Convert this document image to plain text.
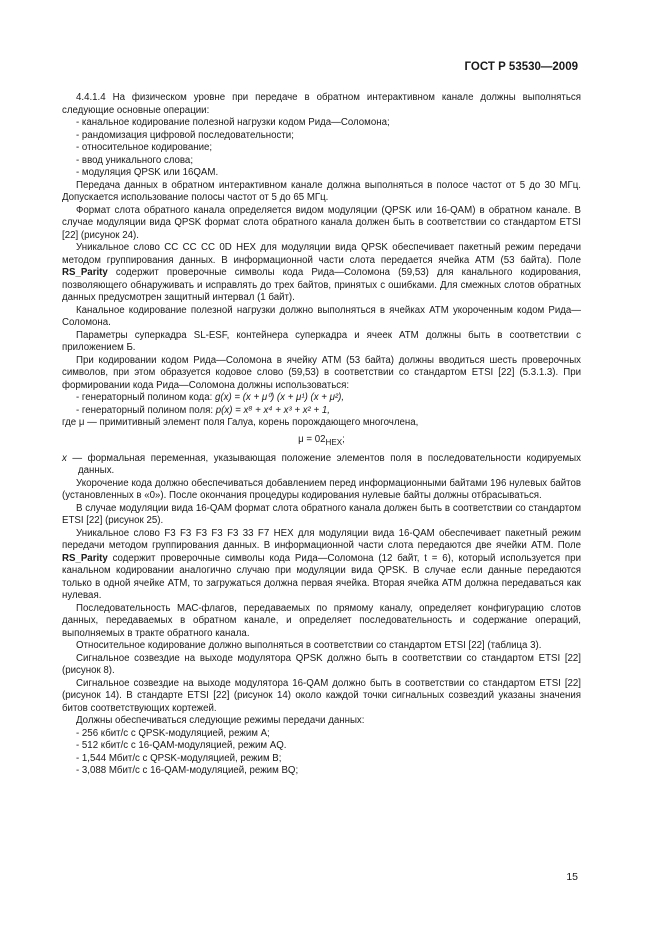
ГОСТ Р 53530—2009

4.4.1.4 На физическом уровне при передаче в обратном интерактивном канале должны выполняться следующие основные операции:

- канальное кодирование полезной нагрузки кодом Рида—Соломона;

- рандомизация цифровой последовательности;

- относительное кодирование;

- ввод уникального слова;

- модуляция QPSK или 16QAM.

Передача данных в обратном интерактивном канале должна выполняться в полосе частот от 5 до 30 МГц. Допускается использование полосы частот от 5 до 65 МГц.

Формат слота обратного канала определяется видом модуляции (QPSK или 16-QAM) в обратном канале. В случае модуляции вида QPSK формат слота обратного канала должен быть в соответствии со стандартом ETSI [22] (рисунок 24).

Уникальное слово CC CC CC 0D HEX для модуляции вида QPSK обеспечивает пакетный режим передачи методом группирования данных. В информационной части слота передается ячейка АТМ (53 байта). Поле RS_Parity содержит проверочные символы кода Рида—Соломона (59,53) для канального кодирования, позволяющего обнаруживать и исправлять до трех байтов, принятых с ошибками. Для смежных слотов обратных данных предусмотрен защитный интервал (1 байт).

Канальное кодирование полезной нагрузки должно выполняться в ячейках АТМ укороченным кодом Рида—Соломона.

Параметры суперкадра SL-ESF, контейнера суперкадра и ячеек АТМ должны быть в соответствии с приложением Б.

При кодировании кодом Рида—Соломона в ячейку АТМ (53 байта) должны вводиться шесть проверочных символов, при этом образуется кодовое слово (59,53) в соответствии со стандартом ETSI [22] (5.3.1.3). При формировании кода Рида—Соломона должны использоваться:

- генераторный полином кода: g(x) = (x + μ⁰) (x + μ¹) (x + μ²),

- генераторный полином поля: p(x) = x⁸ + x⁴ + x³ + x² + 1,

где μ — примитивный элемент поля Галуа, корень порождающего многочлена,

$\mu = 02_{HEX}$;

x — формальная переменная, указывающая положение элементов поля в последовательности кодируемых данных.

Укорочение кода должно обеспечиваться добавлением перед информационными байтами 196 нулевых байтов (установленных в «0»). После окончания процедуры кодирования нулевые байты должны отбрасываться.

В случае модуляции вида 16-QAM формат слота обратного канала должен быть в соответствии со стандартом ETSI [22] (рисунок 25).

Уникальное слово F3 F3 F3 F3 F3 33 F7 HEX для модуляции вида 16-QAM обеспечивает пакетный режим передачи методом группирования данных. В информационной части слота передаются две ячейки АТМ. Поле RS_Parity содержит проверочные символы кода Рида—Соломона (12 байт, t = 6), который используется при канальном кодировании аналогично случаю при модуляции вида QPSK. В случае если данные передаются только в одной ячейке АТМ, то загружаться должна первая ячейка. Вторая ячейка АТМ должна передаваться как нулевая.

Последовательность МАС-флагов, передаваемых по прямому каналу, определяет конфигурацию слотов данных, передаваемых в обратном канале, и определяет последовательность и содержание операций, выполняемых в тракте обратного канала.

Относительное кодирование должно выполняться в соответствии со стандартом ETSI [22] (таблица 3).

Сигнальное созвездие на выходе модулятора QPSK должно быть в соответствии со стандартом ETSI [22] (рисунок 8).

Сигнальное созвездие на выходе модулятора 16-QAM должно быть в соответствии со стандартом ETSI [22] (рисунок 14). В стандарте ETSI [22] (рисунок 14) около каждой точки сигнальных созвездий указаны значения битов соответствующих кортежей.

Должны обеспечиваться следующие режимы передачи данных:

- 256 кбит/с с QPSK-модуляцией, режим А;

- 512 кбит/с с 16-QAM-модуляцией, режим AQ.

- 1,544 Мбит/с с QPSK-модуляцией, режим В;

- 3,088 Мбит/с с 16-QAM-модуляцией, режим BQ;

15
